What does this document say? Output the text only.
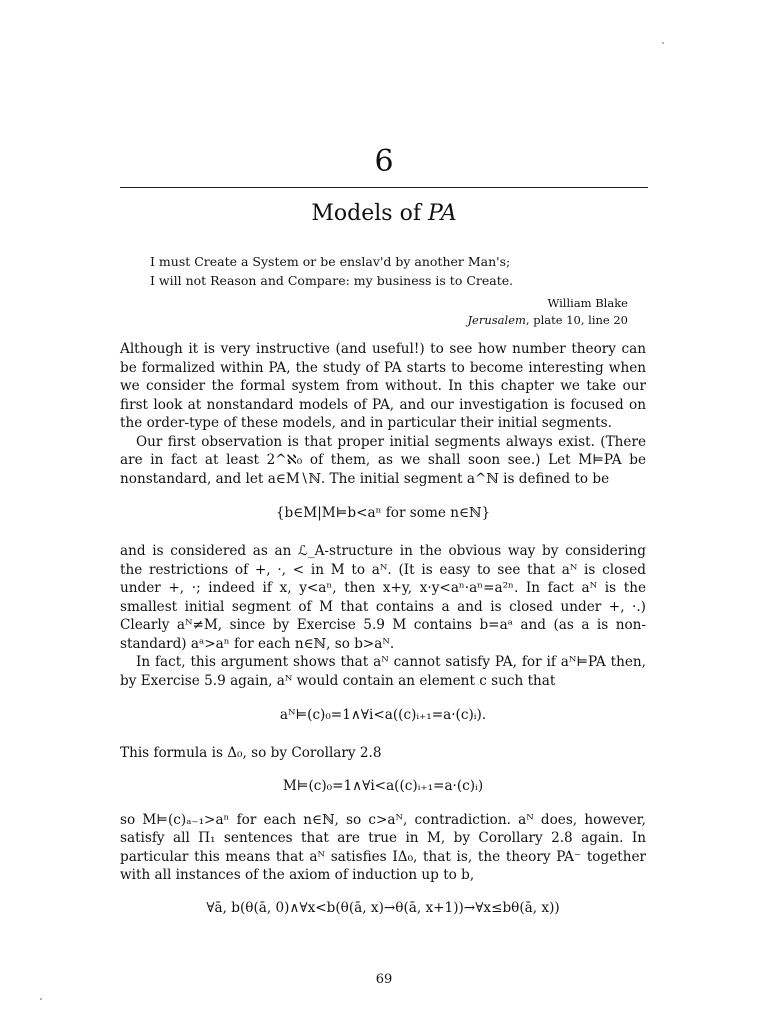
6
Models of PA

I must Create a System or be enslav'd by another Man's;

I will not Reason and Compare: my business is to Create.

William Blake
Jerusalem, plate 10, line 20

Although it is very instructive (and useful!) to see how number theory can be formalized within PA, the study of PA starts to become interesting when we consider the formal system from without. In this chapter we take our first look at nonstandard models of PA, and our investigation is focused on the order-type of these models, and in particular their initial segments.

Our first observation is that proper initial segments always exist. (There are in fact at least 2^ℵ₀ of them, as we shall soon see.) Let M⊨PA be nonstandard, and let a∈M∖ℕ. The initial segment a^ℕ is defined to be

{b∈M|M⊨b<aⁿ for some n∈ℕ}

and is considered as an ℒ_A-structure in the obvious way by considering the restrictions of +, ·, < in M to aᴺ. (It is easy to see that aᴺ is closed under +, ·; indeed if x, y<aⁿ, then x+y, x·y<aⁿ·aⁿ=a²ⁿ. In fact aᴺ is the smallest initial segment of M that contains a and is closed under +, ·.) Clearly aᴺ≠M, since by Exercise 5.9 M contains b=aᵃ and (as a is non-standard) aᵃ>aⁿ for each n∈ℕ, so b>aᴺ.

In fact, this argument shows that aᴺ cannot satisfy PA, for if aᴺ⊨PA then, by Exercise 5.9 again, aᴺ would contain an element c such that

aᴺ⊨(c)₀=1∧∀i<a((c)ᵢ₊₁=a·(c)ᵢ).

This formula is Δ₀, so by Corollary 2.8

M⊨(c)₀=1∧∀i<a((c)ᵢ₊₁=a·(c)ᵢ)

so M⊨(c)ₐ₋₁>aⁿ for each n∈ℕ, so c>aᴺ, contradiction. aᴺ does, however, satisfy all Π₁ sentences that are true in M, by Corollary 2.8 again. In particular this means that aᴺ satisfies IΔ₀, that is, the theory PA⁻ together with all instances of the axiom of induction up to b,

∀ā, b(θ(ā, 0)∧∀x<b(θ(ā, x)→θ(ā, x+1))→∀x≤bθ(ā, x))
69
